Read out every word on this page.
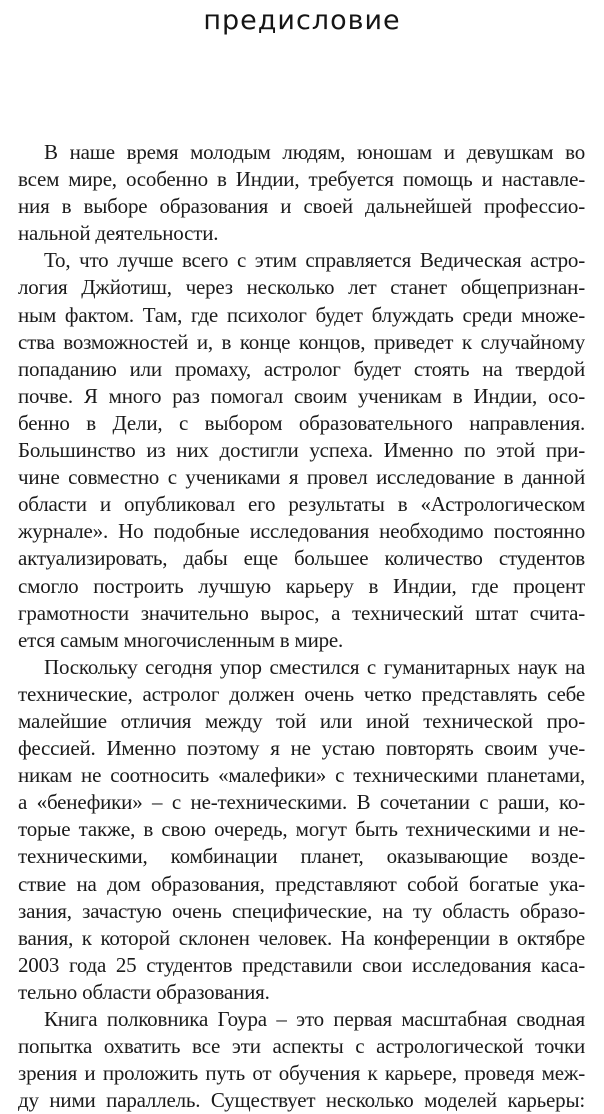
предисловие
В наше время молодым людям, юношам и девушкам во
всем мире, особенно в Индии, требуется помощь и наставле-
ния в выборе образования и своей дальнейшей профессио-
нальной деятельности.
То, что лучше всего с этим справляется Ведическая астро-
логия Джйотиш, через несколько лет станет общепризнан-
ным фактом. Там, где психолог будет блуждать среди множе-
ства возможностей и, в конце концов, приведет к случайному
попаданию или промаху, астролог будет стоять на твердой
почве. Я много раз помогал своим ученикам в Индии, осо-
бенно в Дели, с выбором образовательного направления.
Большинство из них достигли успеха. Именно по этой при-
чине совместно с учениками я провел исследование в данной
области и опубликовал его результаты в «Астрологическом
журнале». Но подобные исследования необходимо постоянно
актуализировать, дабы еще большее количество студентов
смогло построить лучшую карьеру в Индии, где процент
грамотности значительно вырос, а технический штат счита-
ется самым многочисленным в мире.
Поскольку сегодня упор сместился с гуманитарных наук на
технические, астролог должен очень четко представлять себе
малейшие отличия между той или иной технической про-
фессией. Именно поэтому я не устаю повторять своим уче-
никам не соотносить «малефики» с техническими планетами,
а «бенефики» – с не-техническими. В сочетании с раши, ко-
торые также, в свою очередь, могут быть техническими и не-
техническими, комбинации планет, оказывающие возде-
ствие на дом образования, представляют собой богатые ука-
зания, зачастую очень специфические, на ту область образо-
вания, к которой склонен человек. На конференции в октябре
2003 года 25 студентов представили свои исследования каса-
тельно области образования.
Книга полковника Гоура – это первая масштабная сводная
попытка охватить все эти аспекты с астрологической точки
зрения и проложить путь от обучения к карьере, проведя меж-
ду ними параллель. Существует несколько моделей карьеры:
